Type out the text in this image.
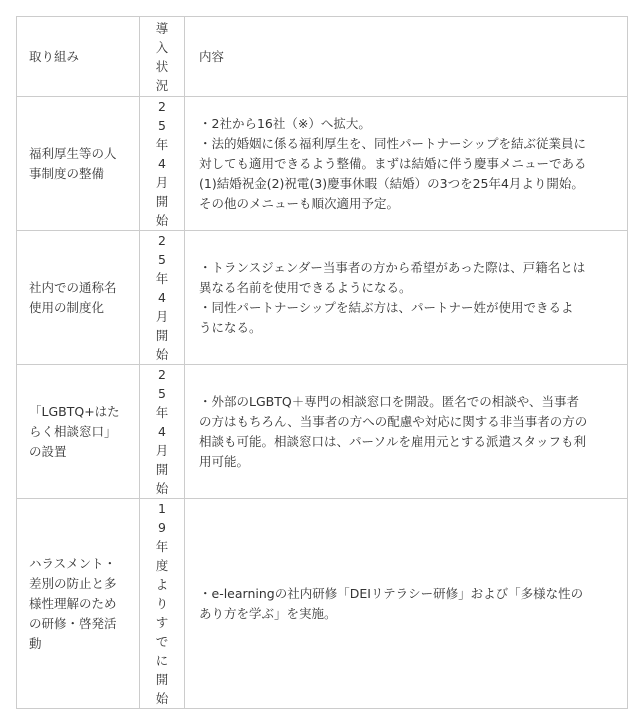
取り組み	導入状況	内容

福利厚生等の人
事制度の整備	25年4月開始	・2社から16社（※）へ拡大。
・法的婚姻に係る福利厚生を、同性パートナーシップを結ぶ従業員に
対しても適用できるよう整備。まずは結婚に伴う慶事メニューである
(1)結婚祝金(2)祝電(3)慶事休暇（結婚）の3つを25年4月より開始。
その他のメニューも順次適用予定。

社内での通称名
使用の制度化	25年4月開始	・トランスジェンダー当事者の方から希望があった際は、戸籍名とは
異なる名前を使用できるようになる。
・同性パートナーシップを結ぶ方は、パートナー姓が使用できるよ
うになる。

「LGBTQ+はた
らく相談窓口」
の設置	25年4月開始	・外部のLGBTQ＋専門の相談窓口を開設。匿名での相談や、当事者
の方はもちろん、当事者の方への配慮や対応に関する非当事者の方の
相談も可能。相談窓口は、パーソルを雇用元とする派遣スタッフも利
用可能。

ハラスメント・
差別の防止と多
様性理解のため
の研修・啓発活
動	19年度よりすでに開始	・e-learningの社内研修「DEIリテラシー研修」および「多様な性の
あり方を学ぶ」を実施。
